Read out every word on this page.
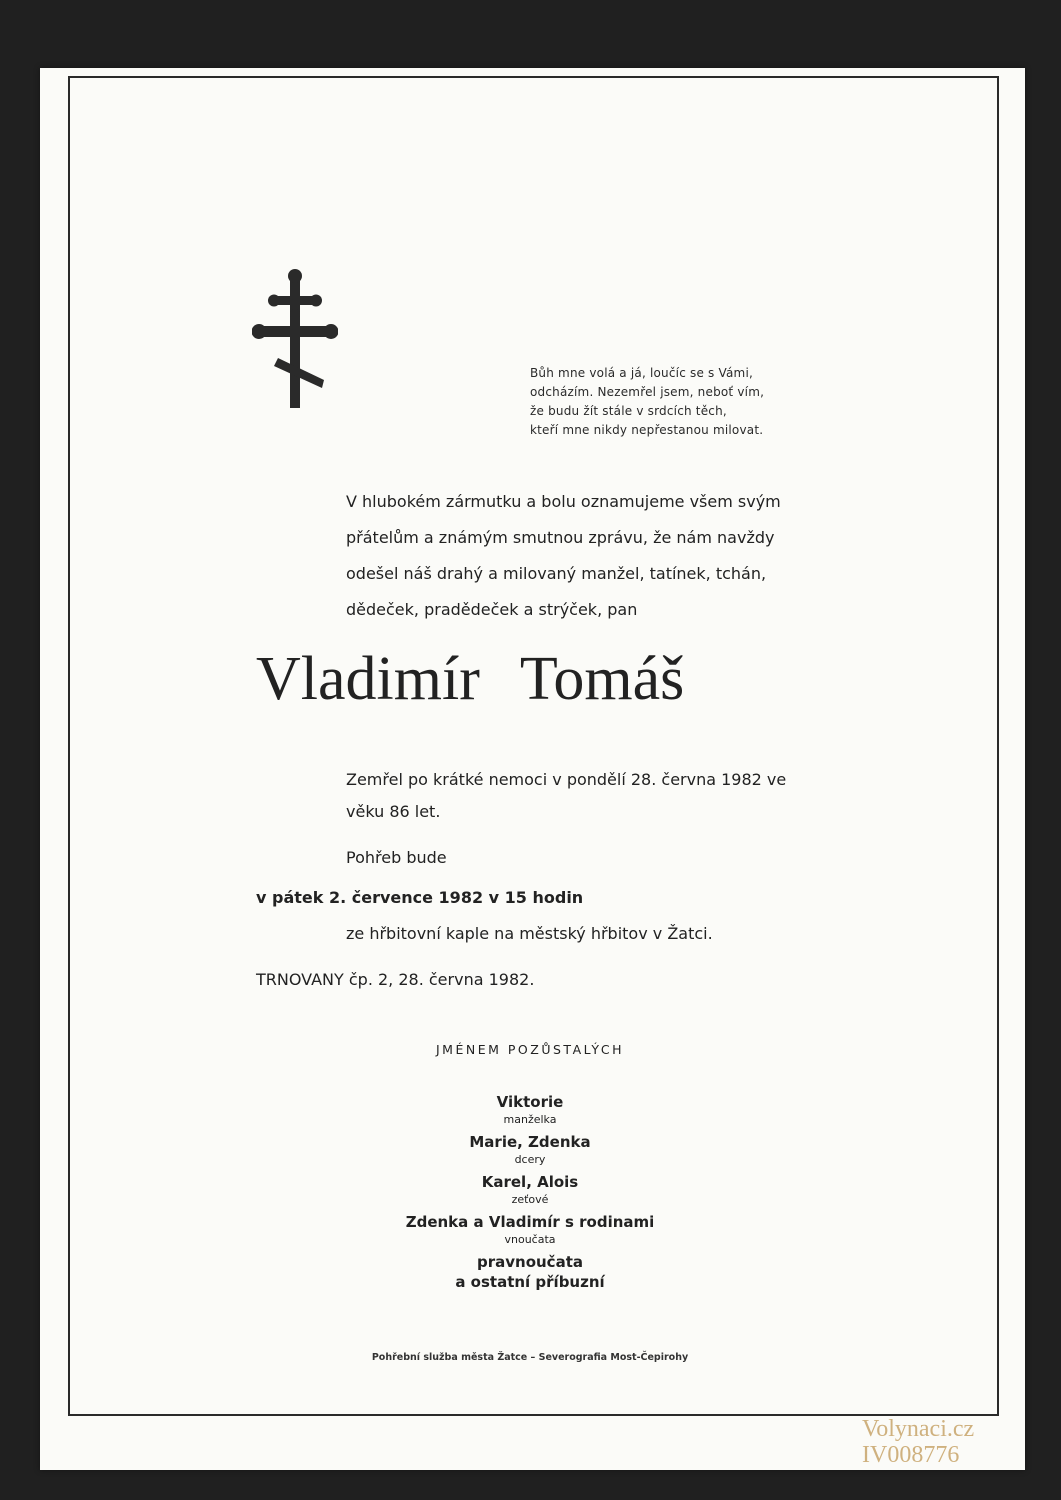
Bůh mne volá a já, loučíc se s Vámi,
odcházím. Nezemřel jsem, neboť vím,
že budu žít stále v srdcích těch,
kteří mne nikdy nepřestanou milovat.
V hlubokém zármutku a bolu oznamujeme všem svým
přátelům a známým smutnou zprávu, že nám navždy
odešel náš drahý a milovaný manžel, tatínek, tchán,
dědeček, pradědeček a strýček, pan
Vladimír Tomáš
Zemřel po krátké nemoci v pondělí 28. června 1982 ve
věku 86 let.
Pohřeb bude
v pátek 2. července 1982 v 15 hodin
ze hřbitovní kaple na městský hřbitov v Žatci.
TRNOVANY čp. 2, 28. června 1982.
JMÉNEM POZŮSTALÝCH
Viktorie
manželka
Marie, Zdenka
dcery
Karel, Alois
zeťové
Zdenka a Vladimír s rodinami
vnoučata
pravnoučata
a ostatní příbuzní
Pohřební služba města Žatce – Severografia Most-Čepirohy
Volynaci.cz
IV008776
